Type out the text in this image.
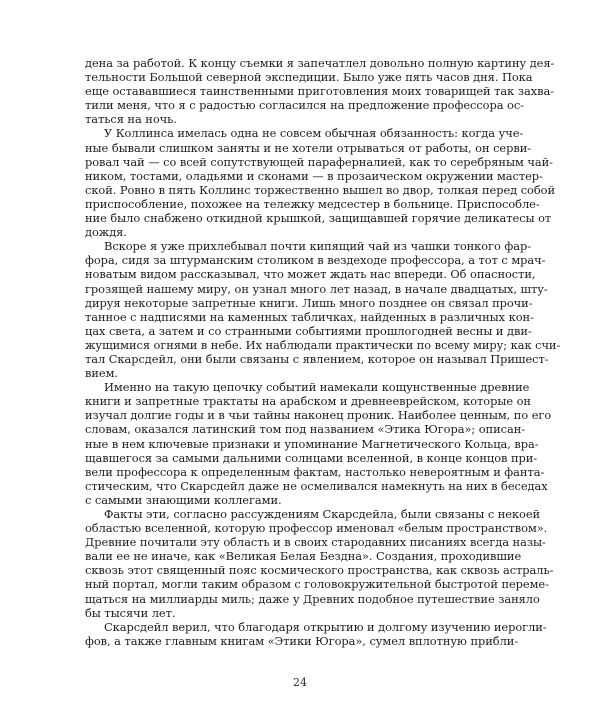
дена за работой. К концу съемки я запечатлел довольно полную картину дея-
тельности Большой северной экспедиции. Было уже пять часов дня. Пока
еще остававшиеся таинственными приготовления моих товарищей так захва-
тили меня, что я с радостью согласился на предложение профессора ос-
таться на ночь.
У Коллинса имелась одна не совсем обычная обязанность: когда уче-
ные бывали слишком заняты и не хотели отрываться от работы, он серви-
ровал чай — со всей сопутствующей параферналией, как то серебряным чай-
ником, тостами, оладьями и сконами — в прозаическом окружении мастер-
ской. Ровно в пять Коллинс торжественно вышел во двор, толкая перед собой
приспособление, похожее на тележку медсестер в больнице. Приспособле-
ние было снабжено откидной крышкой, защищавшей горячие деликатесы от
дождя.
Вскоре я уже прихлебывал почти кипящий чай из чашки тонкого фар-
фора, сидя за штурманским столиком в вездеходе профессора, а тот с мрач-
новатым видом рассказывал, что может ждать нас впереди. Об опасности,
грозящей нашему миру, он узнал много лет назад, в начале двадцатых, шту-
дируя некоторые запретные книги. Лишь много позднее он связал прочи-
танное с надписями на каменных табличках, найденных в различных кон-
цах света, а затем и со странными событиями прошлогодней весны и дви-
жущимися огнями в небе. Их наблюдали практически по всему миру; как счи-
тал Скарсдейл, они были связаны с явлением, которое он называл Пришест-
вием.
Именно на такую цепочку событий намекали кощунственные древние
книги и запретные трактаты на арабском и древнееврейском, которые он
изучал долгие годы и в чьи тайны наконец проник. Наиболее ценным, по его
словам, оказался латинский том под названием «Этика Югора»; описан-
ные в нем ключевые признаки и упоминание Магнетического Кольца, вра-
щавшегося за самыми дальними солнцами вселенной, в конце концов при-
вели профессора к определенным фактам, настолько невероятным и фанта-
стическим, что Скарсдейл даже не осмеливался намекнуть на них в беседах
с самыми знающими коллегами.
Факты эти, согласно рассуждениям Скарсдейла, были связаны с некоей
областью вселенной, которую профессор именовал «белым пространством».
Древние почитали эту область и в своих стародавних писаниях всегда назы-
вали ее не иначе, как «Великая Белая Бездна». Создания, проходившие
сквозь этот священный пояс космического пространства, как сквозь астраль-
ный портал, могли таким образом с головокружительной быстротой переме-
щаться на миллиарды миль; даже у Древних подобное путешествие заняло
бы тысячи лет.
Скарсдейл верил, что благодаря открытию и долгому изучению иерогли-
фов, а также главным книгам «Этики Югора», сумел вплотную прибли-
24
